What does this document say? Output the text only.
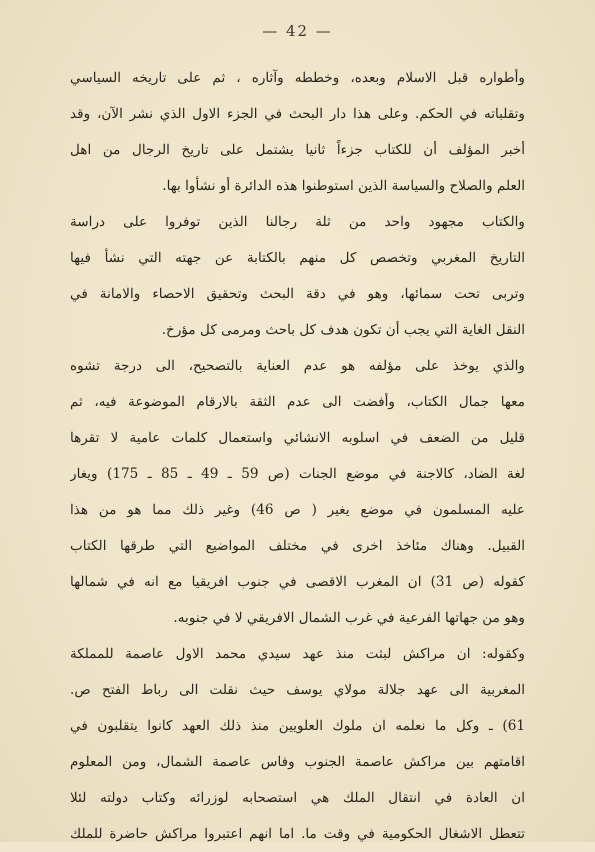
— 42 —
وأطواره قبل الاسلام وبعده، وخططه وآثاره ، ثم على تاريخه السياسي
وتقلباته في الحكم. وعلى هذا دار البحث في الجزء الاول الذي نشر الآن، وقد
أخبر المؤلف أن للكتاب جزءاً ثانيا يشتمل على تاريخ الرجال من اهل
العلم والصلاح والسياسة الذين استوطنوا هذه الدائرة أو نشأوا بها.
والكتاب مجهود واحد من ثلة رجالنا الذين توفروا على دراسة
التاريخ المغربي وتخصص كل منهم بالكتابة عن جهته التي نشأ فيها
وتربى تحت سمائها، وهو في دقة البحث وتحقيق الاحصاء والامانة في
النقل الغاية التي يجب أن تكون هدف كل باحث ومرمى كل مؤرخ.
والذي يوخذ على مؤلفه هو عدم العناية بالتصحيح، الى درجة تشوه
معها جمال الكتاب، وأفضت الى عدم الثقة بالارقام الموضوعة فيه، ثم
قليل من الضعف في اسلوبه الانشائي واستعمال كلمات عامية لا تقرها
لغة الضاد، كالاجنة في موضع الجنات (ص 59 ـ 49 ـ 85 ـ 175) ويغار
عليه المسلمون في موضع يغير ( ص 46) وغير ذلك مما هو من هذا
القبيل. وهناك مئاخذ اخرى في مختلف المواضيع التي طرقها الكتاب
كقوله (ص 31) ان المغرب الاقصى في جنوب افريقيا مع انه في شمالها
وهو من جهاتها الفرعية في غرب الشمال الافريقي لا في جنوبه.
وكقوله: ان مراكش لبثت منذ عهد سيدي محمد الاول عاصمة للمملكة
المغربية الى عهد جلالة مولاي يوسف حيث نقلت الى رباط الفتح ص.
61) ـ وكل ما نعلمه ان ملوك العلويين منذ ذلك العهد كانوا يتقلبون في
اقامتهم بين مراكش عاصمة الجنوب وفاس عاصمة الشمال، ومن المعلوم
ان العادة في انتقال الملك هي استصحابه لوزرائه وكتاب دولته لئلا
تتعطل الاشغال الحكومية في وقت ما. اما انهم اعتبروا مراكش حاضرة للملك
